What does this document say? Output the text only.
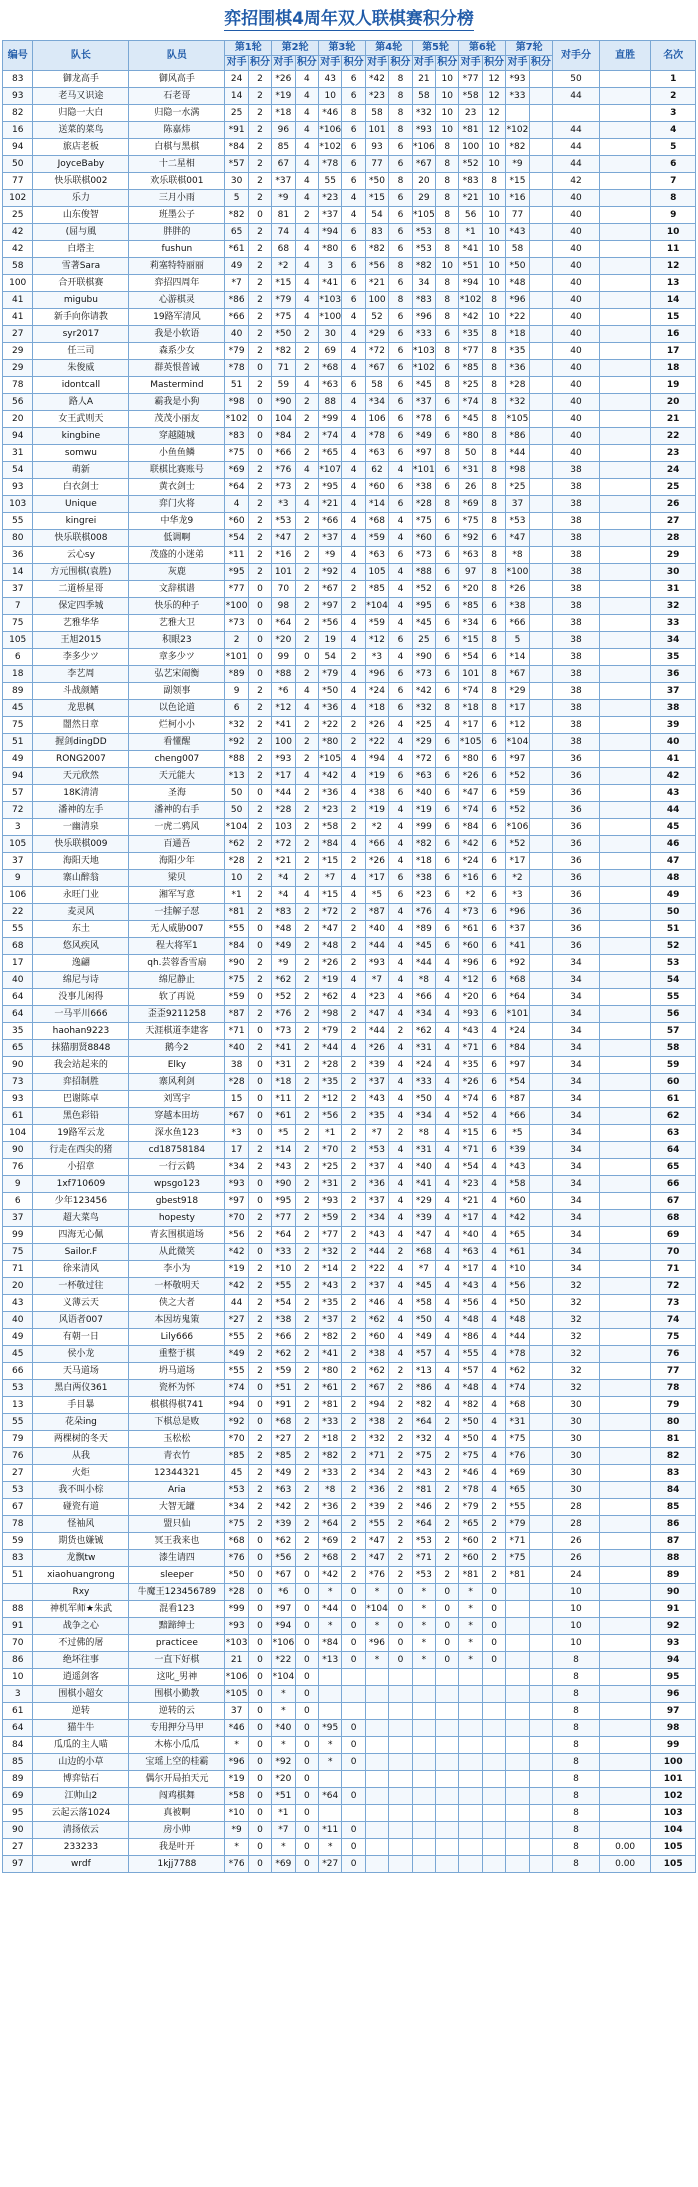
弈招围棋4周年双人联棋赛积分榜
编号	队长	队员	第1轮		第2轮		第3轮		第4轮		第5轮		第6轮		第7轮		对手分	直胜	名次
			对手	积分	对手	积分	对手	积分	对手	积分	对手	积分	对手	积分	对手	积分			
83	御龙高手	御风高手	24	2	*26	4	43	6	*42	8	21	10	*77	12	*93		50		1
93	老马又识途	石老哥	14	2	*19	4	10	6	*23	8	58	10	*58	12	*33		44		2
82	归隐一大白	归隐一水满	25	2	*18	4	*46	8	58	8	*32	10	23	12					3
16	送菜的菜鸟	陈嘉炜	*91	2	96	4	*106	6	101	8	*93	10	*81	12	*102		44		4
94	旅店老板	白棋与黑棋	*84	2	85	4	*102	6	93	6	*106	8	100	10	*82		44		5
50	JoyceBaby	十二星相	*57	2	67	4	*78	6	77	6	*67	8	*52	10	*9		44		6
77	快乐联棋002	欢乐联棋001	30	2	*37	4	55	6	*50	8	20	8	*83	8	*15		42		7
102	乐力	三月小雨	5	2	*9	4	*23	4	*15	6	29	8	*21	10	*16		40		8
25	山东俊智	班墨公子	*82	0	81	2	*37	4	54	6	*105	8	56	10	77		40		9
42	(屈与風	胖胖的	65	2	74	4	*94	6	83	6	*53	8	*1	10	*43		40		10
42	白塔主	fushun	*61	2	68	4	*80	6	*82	6	*53	8	*41	10	58		40		11
58	雪著Sara	莉塞特特丽丽	49	2	*2	4	3	6	*56	8	*82	10	*51	10	*50		40		12
100	合开联棋赛	弈招四周年	*7	2	*15	4	*41	6	*21	6	34	8	*94	10	*48		40		13
41	migubu	心游棋灵	*86	2	*79	4	*103	6	100	8	*83	8	*102	8	*96		40		14
41	新手向你请教	19路军清风	*66	2	*75	4	*100	4	52	6	*96	8	*42	10	*22		40		15
27	syr2017	我是小软语	40	2	*50	2	30	4	*29	6	*33	6	*35	8	*18		40		16
29	任三司	森系少女	*79	2	*82	2	69	4	*72	6	*103	8	*77	8	*35		40		17
29	朱俊威	群英恨普诫	*78	0	71	2	*68	4	*67	6	*102	6	*85	8	*36		40		18
78	idontcall	Mastermind	51	2	59	4	*63	6	58	6	*45	8	*25	8	*28		40		19
56	路人A	霸我是小狗	*98	0	*90	2	88	4	*34	6	*37	6	*74	8	*32		40		20
20	女王武则天	茂茂小丽友	*102	0	104	2	*99	4	106	6	*78	6	*45	8	*105		40		21
94	kingbine	穿越随城	*83	0	*84	2	*74	4	*78	6	*49	6	*80	8	*86		40		22
31	somwu	小鱼鱼鳞	*75	0	*66	2	*65	4	*63	6	*97	8	50	8	*44		40		23
54	萌新	联棋比赛账号	*69	2	*76	4	*107	4	62	4	*101	6	*31	8	*98		38		24
93	白衣剑士	黄衣剑士	*64	2	*73	2	*95	4	*60	6	*38	6	26	8	*25		38		25
103	Unique	弈门火将	4	2	*3	4	*21	4	*14	6	*28	8	*69	8	37		38		26
55	kingrei	中华龙9	*60	2	*53	2	*66	4	*68	4	*75	6	*75	8	*53		38		27
80	快乐联棋008	低调啊	*54	2	*47	2	*37	4	*59	4	*60	6	*92	6	*47		38		28
36	云心sy	茂盛的小迷弟	*11	2	*16	2	*9	4	*63	6	*73	6	*63	8	*8		38		29
14	方元围棋(袁胜)	灰鹿	*95	2	101	2	*92	4	105	4	*88	6	97	8	*100		38		30
37	二道桥星哥	文辞棋谱	*77	0	70	2	*67	2	*85	4	*52	6	*20	8	*26		38		31
7	保定四季城	快乐的种子	*100	0	98	2	*97	2	*104	4	*95	6	*85	6	*38		38		32
75	艺雅华华	艺雅大卫	*73	0	*64	2	*56	4	*59	4	*45	6	*34	6	*66		38		33
105	王旭2015	积眼23	2	0	*20	2	19	4	*12	6	25	6	*15	8	5		38		34
6	李多少ツ	章多少ツ	*101	0	99	0	54	2	*3	4	*90	6	*54	6	*14		38		35
18	李艺周	弘艺宋闹衡	*89	0	*88	2	*79	4	*96	6	*73	6	101	8	*67		38		36
89	斗战颜鳍	副领事	9	2	*6	4	*50	4	*24	6	*42	6	*74	8	*29		38		37
45	龙思枫	以色论道	6	2	*12	4	*36	4	*18	6	*32	8	*18	8	*17		38		38
75	闇然日章	烂柯小小	*32	2	*41	2	*22	2	*26	4	*25	4	*17	6	*12		38		39
51	握剑dingDD	看懂醒	*92	2	100	2	*80	2	*22	4	*29	6	*105	6	*104		38		40
49	RONG2007	cheng007	*88	2	*93	2	*105	4	*94	4	*72	6	*80	6	*97		36		41
94	天元欣然	天元能大	*13	2	*17	4	*42	4	*19	6	*63	6	*26	6	*52		36		42
57	18K清清	圣海	50	0	*44	2	*36	4	*38	6	*40	6	*47	6	*59		36		43
72	潘神的左手	潘神的右手	50	2	*28	2	*23	2	*19	4	*19	6	*74	6	*52		36		44
3	一幽清泉	一虎二鸦风	*104	2	103	2	*58	2	*2	4	*99	6	*84	6	*106		36		45
105	快乐联棋009	百通吾	*62	2	*72	2	*84	4	*66	4	*82	6	*42	6	*52		36		46
37	海阳天地	海阳少年	*28	2	*21	2	*15	2	*26	4	*18	6	*24	6	*17		36		47
9	寨山醉翁	梁贝	10	2	*4	2	*7	4	*17	6	*38	6	*16	6	*2		36		48
106	永旺门业	湘军写意	*1	2	*4	4	*15	4	*5	6	*23	6	*2	6	*3		36		49
22	麦灵风	一挂解子怼	*81	2	*83	2	*72	2	*87	4	*76	4	*73	6	*96		36		50
55	东土	无人威胁007	*55	0	*48	2	*47	2	*40	4	*89	6	*61	6	*37		36		51
68	悠风疾风	程大将军1	*84	0	*49	2	*48	2	*44	4	*45	6	*60	6	*41		36		52
17	逸翩	qh.芸蓉香雪扇	*90	2	*9	2	*26	2	*93	4	*44	4	*96	6	*92		34		53
40	绵尼与诗	绵尼静止	*75	2	*62	2	*19	4	*7	4	*8	4	*12	6	*68		34		54
64	没事儿闲得	软了再说	*59	0	*52	2	*62	4	*23	4	*66	4	*20	6	*64		34		55
64	一马平川666	歪歪9211258	*87	2	*76	2	*98	2	*47	4	*34	4	*93	6	*101		34		56
35	haohan9223	天涯棋道李建客	*71	0	*73	2	*79	2	*44	2	*62	4	*43	4	*24		34		57
65	抹猫朋贤8848	鹅今2	*40	2	*41	2	*44	4	*26	4	*31	4	*71	6	*84		34		58
90	我会站起来的	Elky	38	0	*31	2	*28	2	*39	4	*24	4	*35	6	*97		34		59
73	弈招制胜	寨风利剑	*28	0	*18	2	*35	2	*37	4	*33	4	*26	6	*54		34		60
93	巴谢陈卓	刘骂宇	15	0	*11	2	*12	2	*43	4	*50	4	*74	6	*87		34		61
61	黑色彩铅	穿越本田坊	*67	0	*61	2	*56	2	*35	4	*34	4	*52	4	*66		34		62
104	19路军云龙	深水鱼123	*3	0	*5	2	*1	2	*7	2	*8	4	*15	6	*5		34		63
90	行走在西尖的猪	cd18758184	17	2	*14	2	*70	2	*53	4	*31	4	*71	6	*39		34		64
76	小招章	一行云鹤	*34	2	*43	2	*25	2	*37	4	*40	4	*54	4	*43		34		65
9	1xf710609	wpsgo123	*93	0	*90	2	*31	2	*36	4	*41	4	*23	4	*58		34		66
6	少年123456	gbest918	*97	0	*95	2	*93	2	*37	4	*29	4	*21	4	*60		34		67
37	超大菜鸟	hopesty	*70	2	*77	2	*59	2	*34	4	*39	4	*17	4	*42		34		68
99	四海无心佩	青玄围棋道场	*56	2	*64	2	*77	2	*43	4	*47	4	*40	4	*65		34		69
75	Sailor.F	从此微笑	*42	0	*33	2	*32	2	*44	2	*68	4	*63	4	*61		34		70
71	徐来清风	李小为	*19	2	*10	2	*14	2	*22	4	*7	4	*17	4	*10		34		71
20	一杯敬过往	一杯敬明天	*42	2	*55	2	*43	2	*37	4	*45	4	*43	4	*56		32		72
43	义薄云天	侠之大者	44	2	*54	2	*35	2	*46	4	*58	4	*56	4	*50		32		73
40	风语者007	本因坊鬼策	*27	2	*38	2	*37	2	*62	4	*50	4	*48	4	*48		32		74
49	有朝一日	Lily666	*55	2	*66	2	*82	2	*60	4	*49	4	*86	4	*44		32		75
45	侯小龙	重整于棋	*49	2	*62	2	*41	2	*38	4	*57	4	*55	4	*78		32		76
66	天马道场	坍马道场	*55	2	*59	2	*80	2	*62	2	*13	4	*57	4	*62		32		77
53	黑白两仪361	瓷杯为怀	*74	0	*51	2	*61	2	*67	2	*86	4	*48	4	*74		32		78
13	手目暴	棋棋得棋741	*94	0	*91	2	*81	2	*94	2	*82	4	*82	4	*68		30		79
55	花朵ing	下棋总是败	*92	0	*68	2	*33	2	*38	2	*64	2	*50	4	*31		30		80
79	两棵树的冬天	玉松松	*70	2	*27	2	*18	2	*32	2	*32	4	*50	4	*75		30		81
76	从我	青衣竹	*85	2	*85	2	*82	2	*71	2	*75	2	*75	4	*76		30		82
27	火炬	12344321	45	2	*49	2	*33	2	*34	2	*43	2	*46	4	*69		30		83
53	我不叫小棕	Aria	*53	2	*63	2	*8	2	*36	2	*81	2	*78	4	*65		30		84
67	碰瓷有道	大智无罐	*34	2	*42	2	*36	2	*39	2	*46	2	*79	2	*55		28		85
78	怪袖风	盟只仙	*75	2	*39	2	*64	2	*55	2	*64	2	*65	2	*79		28		86
59	期货也嫌铖	冥王我来也	*68	0	*62	2	*69	2	*47	2	*53	2	*60	2	*71		26		87
83	龙飘tw	漆生请四	*76	0	*56	2	*68	2	*47	2	*71	2	*60	2	*75		26		88
51	xiaohuangrong	sleeper	*50	0	*67	0	*42	2	*76	2	*53	2	*81	2	*81		24		89
	Rxy	牛魔王123456789	*28	0	*6	0	*	0	*	0	*	0	*	0			10		90
88	神机军师★朱武	混看123	*99	0	*97	0	*44	0	*104	0	*	0	*	0			10		91
91	战争之心	黯蹄绅士	*93	0	*94	0	*	0	*	0	*	0	*	0			10		92
70	不过佛的屠	practicee	*103	0	*106	0	*84	0	*96	0	*	0	*	0			10		93
86	绝坏往事	一直下好棋	21	0	*22	0	*13	0	*	0	*	0	*	0			8		94
10	逍遥剑客	这叱_男神	*106	0	*104	0											8		95
3	围棋小超女	围棋小勤教	*105	0	*	0											8		96
61	逆转	逆转的云	37	0	*	0											8		97
64	猫牛牛	专用押分马甲	*46	0	*40	0	*95	0									8		98
84	瓜瓜的主人喵	木栋小瓜瓜	*	0	*	0	*	0									8		99
85	山边的小草	宝瑶上空的桂霸	*96	0	*92	0	*	0									8		100
89	博弈钻石	偶尔开局拍天元	*19	0	*20	0											8		101
69	江帅山2	闯鸡棋舞	*58	0	*51	0	*64	0									8		102
95	云起云落1024	真被啊	*10	0	*1	0											8		103
90	清扬依云	房小帅	*9	0	*7	0	*11	0									8		104
27	233233	我是叶开	*	0	*	0	*	0									8	0.00	105
97	wrdf	1kjj7788	*76	0	*69	0	*27	0									8	0.00	105
